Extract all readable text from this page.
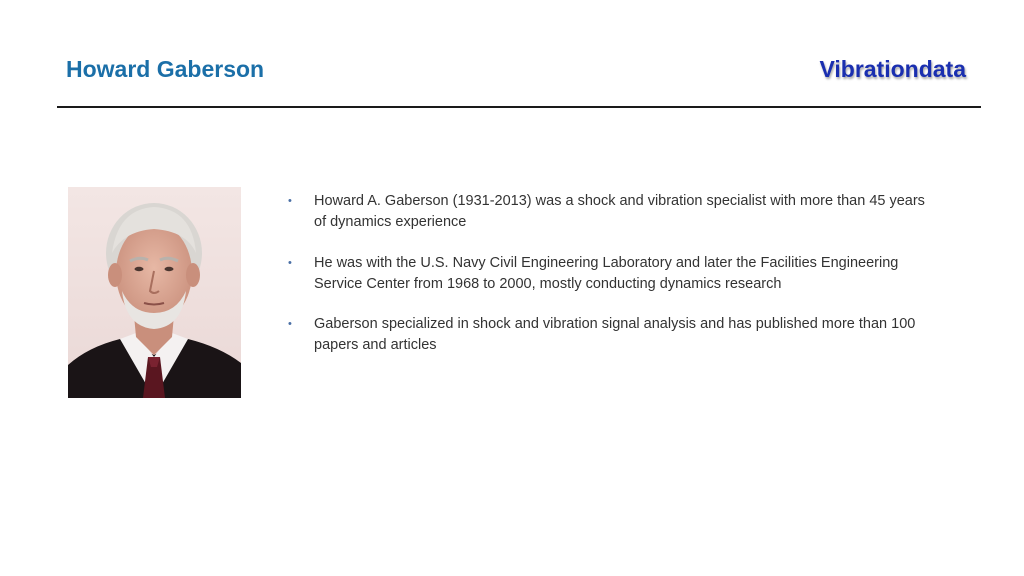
Howard Gaberson	Vibrationdata
• Howard A. Gaberson (1931-2013) was a shock and vibration specialist with more than 45 years of dynamics experience
• He was with the U.S. Navy Civil Engineering Laboratory and later the Facilities Engineering Service Center from 1968 to 2000, mostly conducting dynamics research
• Gaberson specialized in shock and vibration signal analysis and has published more than 100 papers and articles
